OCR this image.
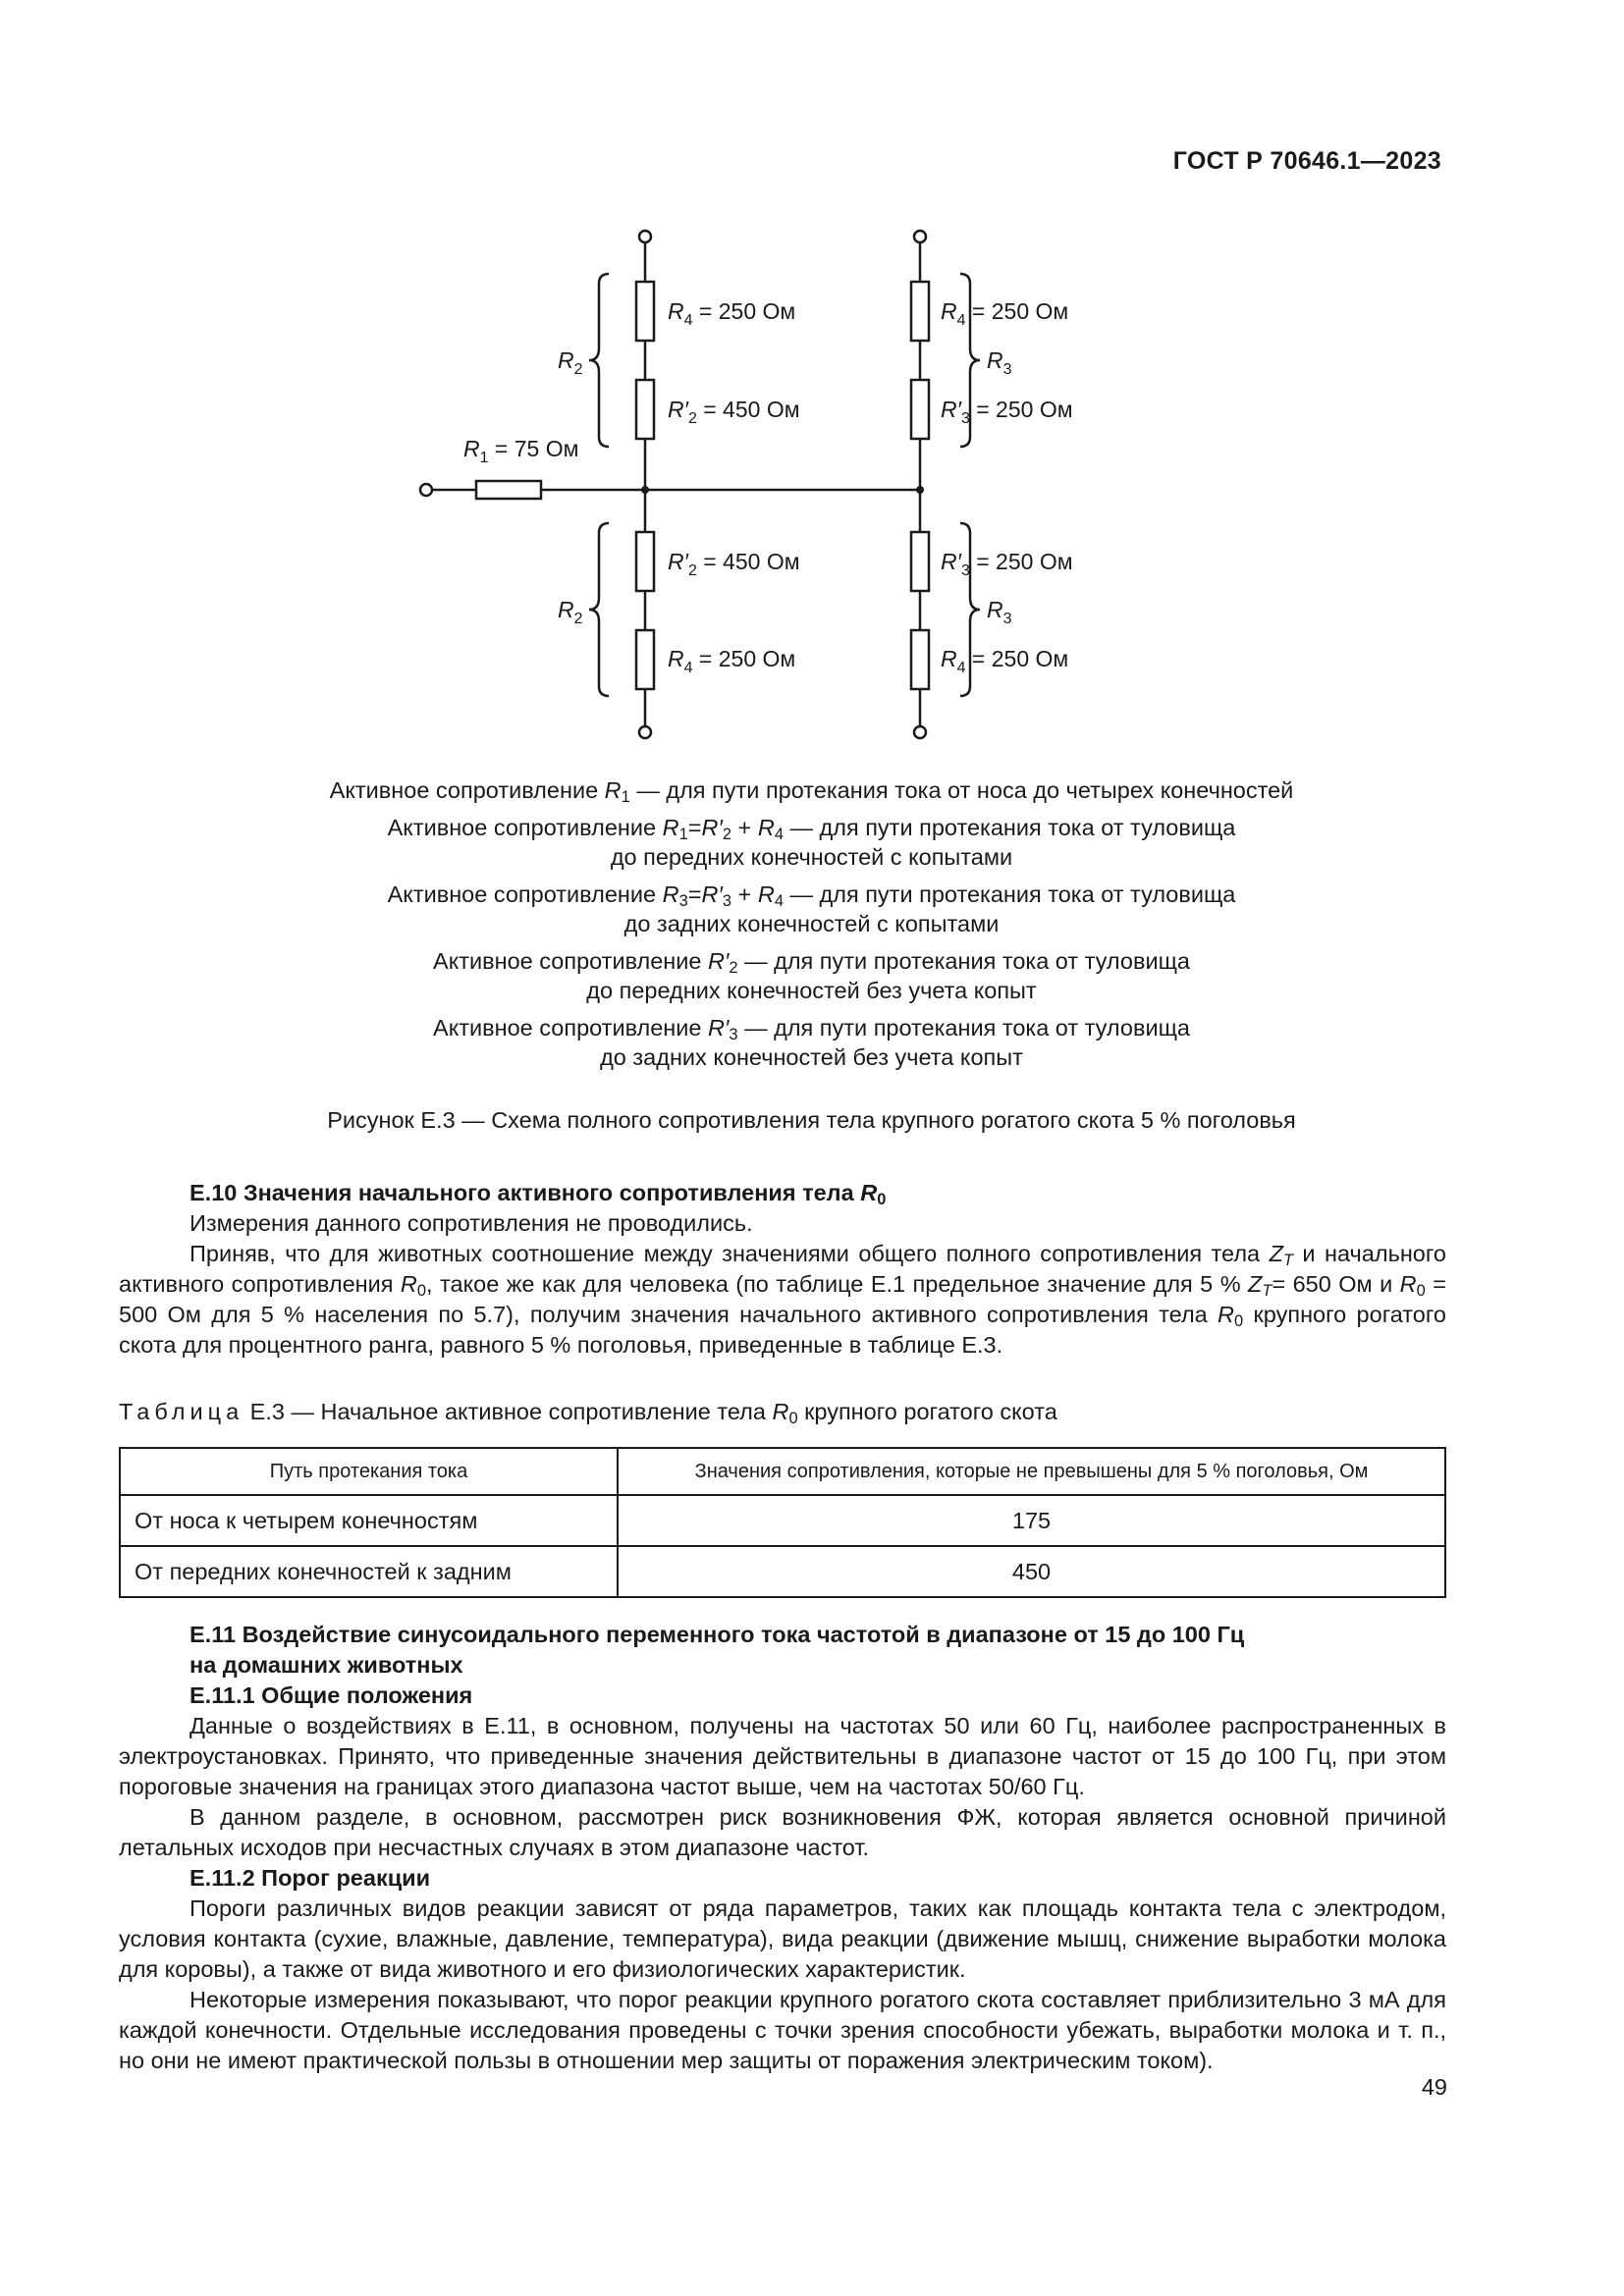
ГОСТ Р 70646.1—2023
$R_4 = 250$ Ом
$R'_2 = 450$ Ом
$R_4 = 250$ Ом
$R'_3 = 250$ Ом
$R_1 = 75$ Ом
$R'_2 = 450$ Ом
$R_4 = 250$ Ом
$R'_3 = 250$ Ом
$R_4 = 250$ Ом
$R_2$	$R_3$
$R_2$	$R_3$
Активное сопротивление $R_1$ — для пути протекания тока от носа до четырех конечностей
Активное сопротивление $R_1=R'_2 + R_4$ — для пути протекания тока от туловища
до передних конечностей с копытами
Активное сопротивление $R_3=R'_3 + R_4$ — для пути протекания тока от туловища
до задних конечностей с копытами
Активное сопротивление $R'_2$ — для пути протекания тока от туловища
до передних конечностей без учета копыт
Активное сопротивление $R'_3$ — для пути протекания тока от туловища
до задних конечностей без учета копыт
Рисунок Е.3 — Схема полного сопротивления тела крупного рогатого скота 5 % поголовья
Е.10 Значения начального активного сопротивления тела $R_0$
Измерения данного сопротивления не проводились.
Приняв, что для животных соотношение между значениями общего полного сопротивления тела $Z_T$ и начального активного сопротивления $R_0$, такое же как для человека (по таблице Е.1 предельное значение для 5 % $Z_T= 650$ Ом и $R_0 = 500$ Ом для 5 % населения по 5.7), получим значения начального активного сопротивления тела $R_0$ крупного рогатого скота для процентного ранга, равного 5 % поголовья, приведенные в таблице Е.3.
Таблица Е.3 — Начальное активное сопротивление тела $R_0$ крупного рогатого скота
Путь протекания тока	Значения сопротивления, которые не превышены для 5 % поголовья, Ом
От носа к четырем конечностям	175
От передних конечностей к задним	450
Е.11 Воздействие синусоидального переменного тока частотой в диапазоне от 15 до 100 Гц
на домашних животных
Е.11.1 Общие положения
Данные о воздействиях в Е.11, в основном, получены на частотах 50 или 60 Гц, наиболее распространенных в электроустановках. Принято, что приведенные значения действительны в диапазоне частот от 15 до 100 Гц, при этом пороговые значения на границах этого диапазона частот выше, чем на частотах 50/60 Гц.
В данном разделе, в основном, рассмотрен риск возникновения ФЖ, которая является основной причиной летальных исходов при несчастных случаях в этом диапазоне частот.
Е.11.2 Порог реакции
Пороги различных видов реакции зависят от ряда параметров, таких как площадь контакта тела с электродом, условия контакта (сухие, влажные, давление, температура), вида реакции (движение мышц, снижение выработки молока для коровы), а также от вида животного и его физиологических характеристик.
Некоторые измерения показывают, что порог реакции крупного рогатого скота составляет приблизительно 3 мА для каждой конечности. Отдельные исследования проведены с точки зрения способности убежать, выработки молока и т. п., но они не имеют практической пользы в отношении мер защиты от поражения электрическим током).
49
